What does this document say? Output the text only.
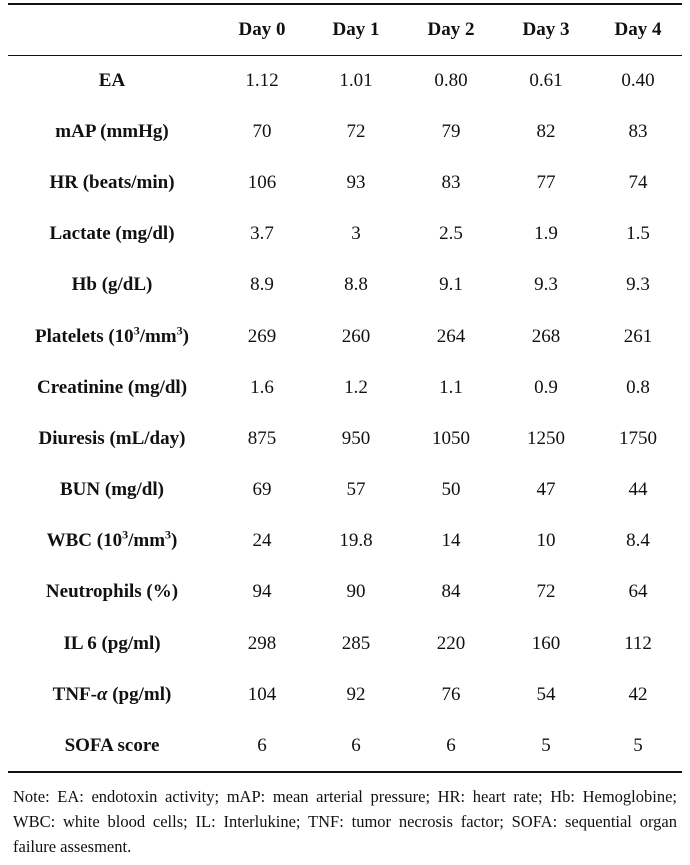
	Day 0	Day 1	Day 2	Day 3	Day 4
EA	1.12	1.01	0.80	0.61	0.40
mAP (mmHg)	70	72	79	82	83
HR (beats/min)	106	93	83	77	74
Lactate (mg/dl)	3.7	3	2.5	1.9	1.5
Hb (g/dL)	8.9	8.8	9.1	9.3	9.3
Platelets $(10^3/mm^3)$	269	260	264	268	261
Creatinine (mg/dl)	1.6	1.2	1.1	0.9	0.8
Diuresis (mL/day)	875	950	1050	1250	1750
BUN (mg/dl)	69	57	50	47	44
WBC $(10^3/mm^3)$	24	19.8	14	10	8.4
Neutrophils (%)	94	90	84	72	64
IL 6 (pg/ml)	298	285	220	160	112
TNF-α (pg/ml)	104	92	76	54	42
SOFA score	6	6	6	5	5

Note: EA: endotoxin activity; mAP: mean arterial pressure; HR: heart rate; Hb: Hemoglobine; WBC: white blood cells; IL: Interlukine; TNF: tumor necrosis factor; SOFA: sequential organ failure assesment.
